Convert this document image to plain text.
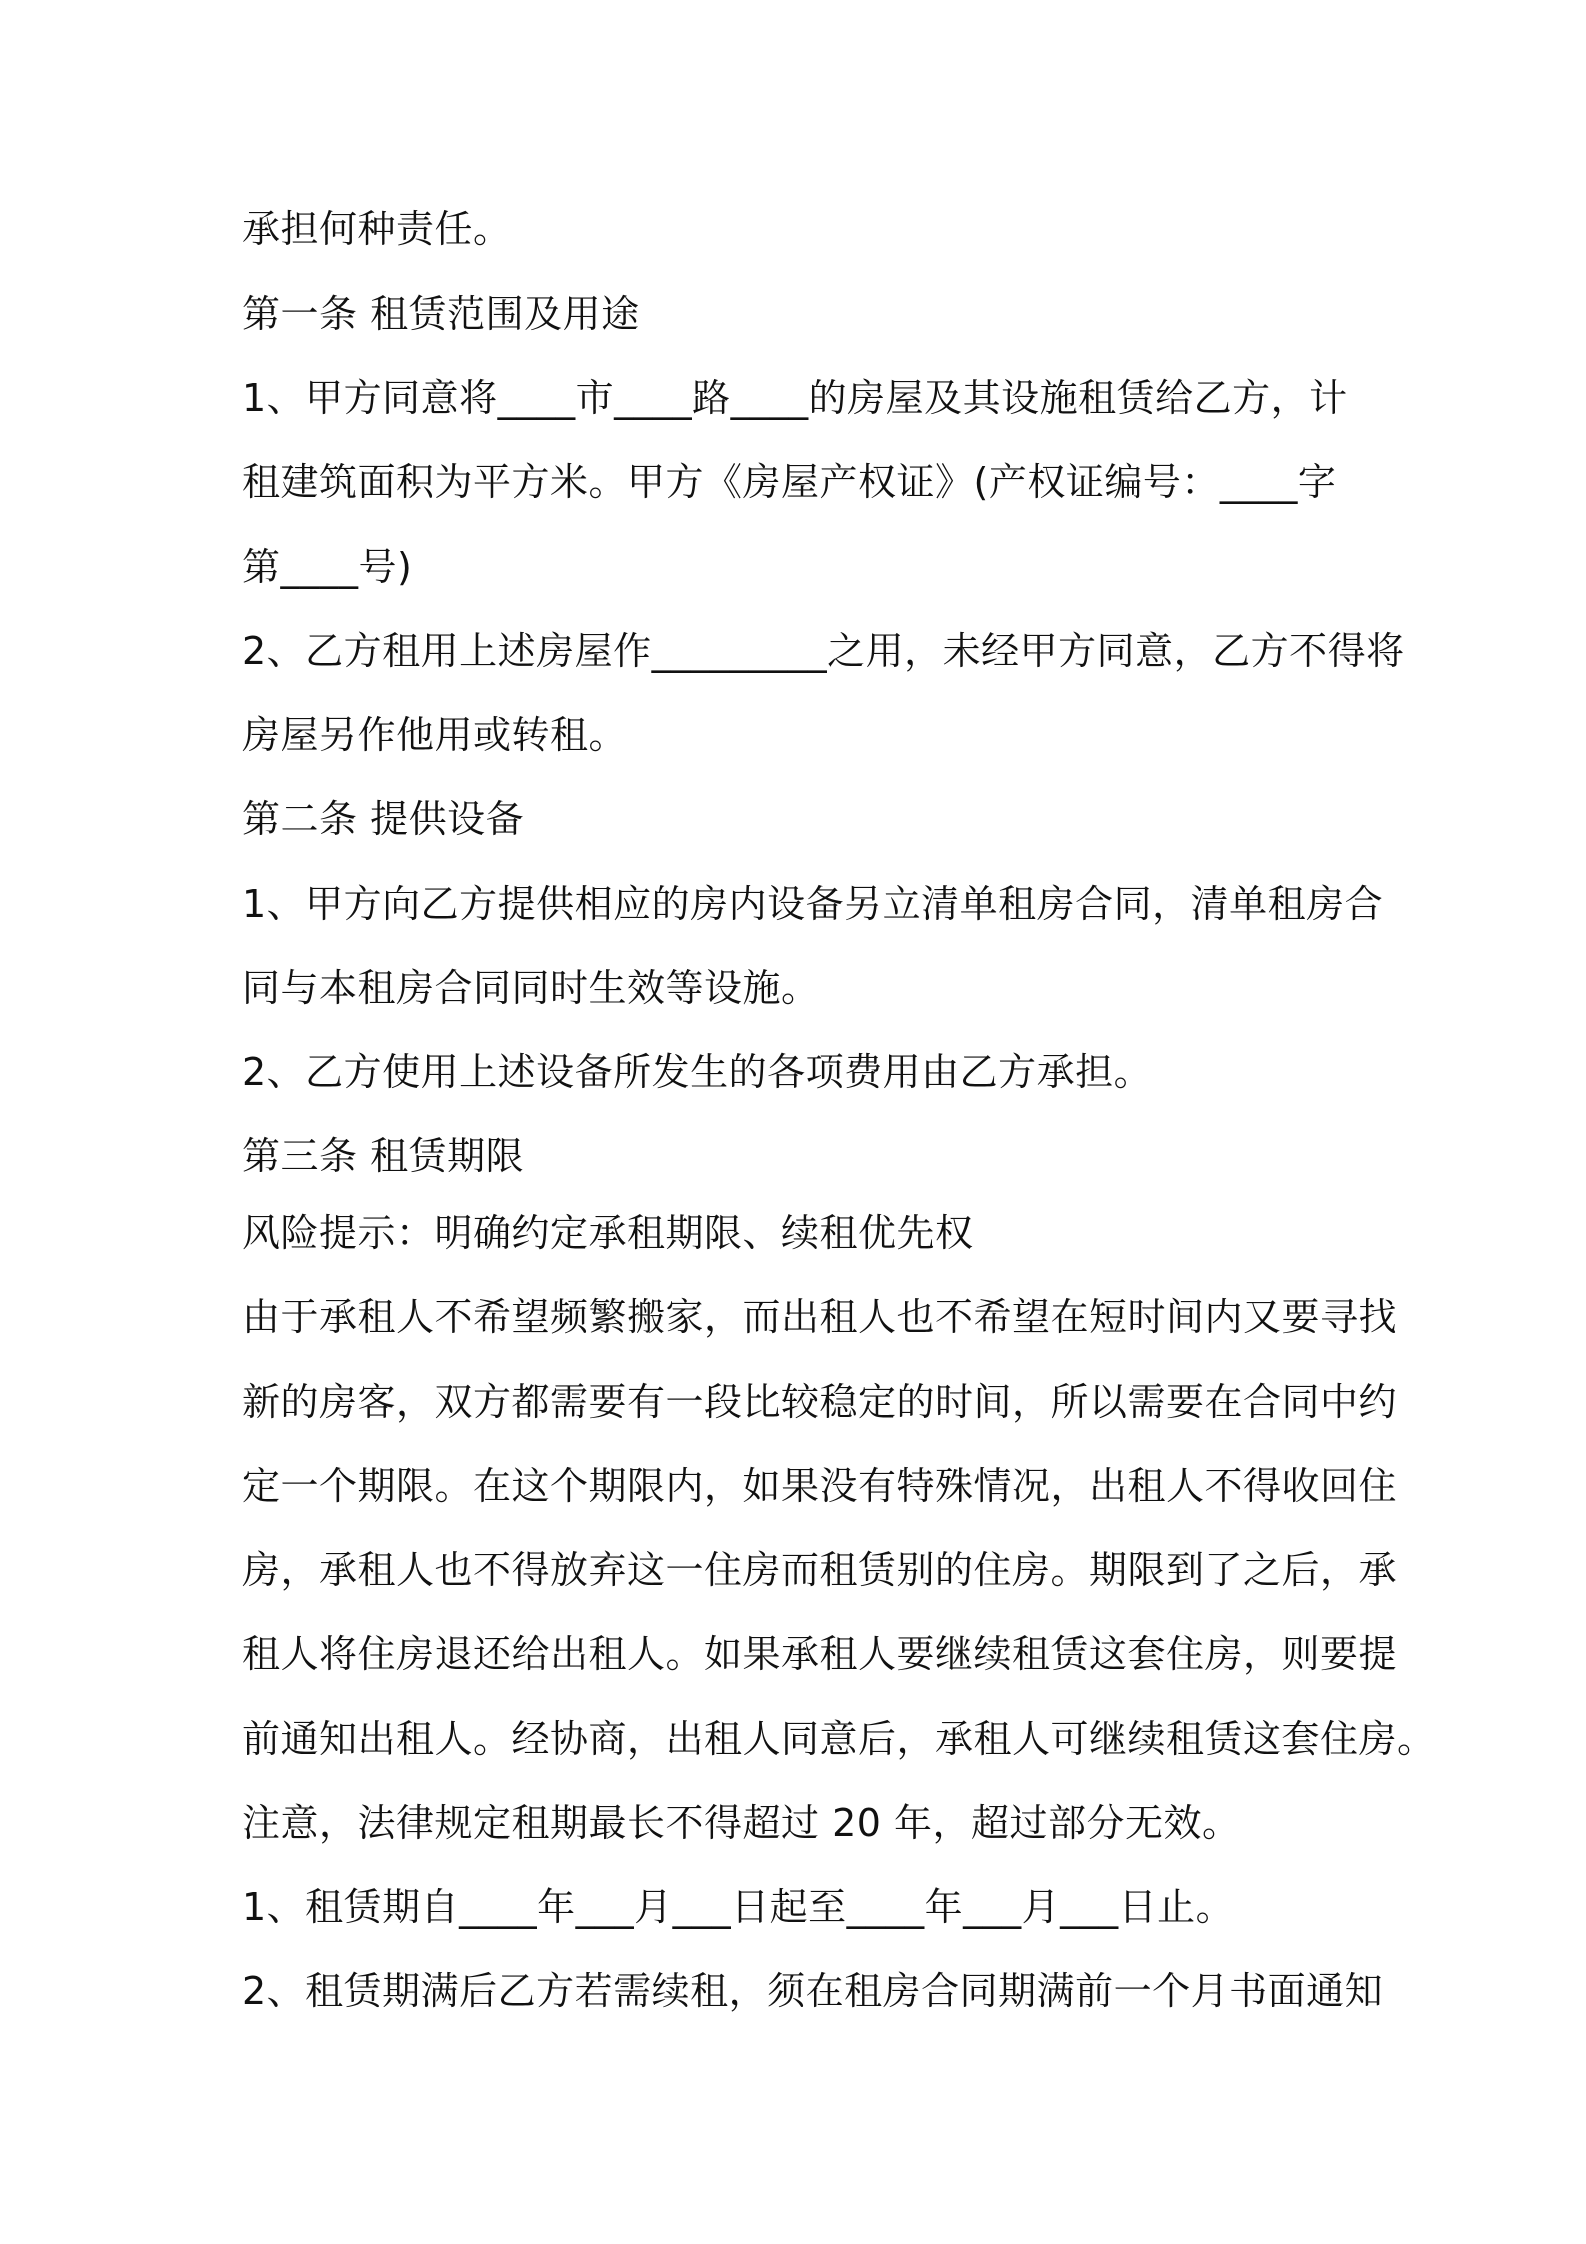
承担何种责任。
第一条 租赁范围及用途
1、甲方同意将____市____路____的房屋及其设施租赁给乙方，计
租建筑面积为平方米。甲方《房屋产权证》(产权证编号：____字
第____号)
2、乙方租用上述房屋作_________之用，未经甲方同意，乙方不得将
房屋另作他用或转租。
第二条 提供设备
1、甲方向乙方提供相应的房内设备另立清单租房合同，清单租房合
同与本租房合同同时生效等设施。
2、乙方使用上述设备所发生的各项费用由乙方承担。
第三条 租赁期限
风险提示：明确约定承租期限、续租优先权
由于承租人不希望频繁搬家，而出租人也不希望在短时间内又要寻找
新的房客，双方都需要有一段比较稳定的时间，所以需要在合同中约
定一个期限。在这个期限内，如果没有特殊情况，出租人不得收回住
房，承租人也不得放弃这一住房而租赁别的住房。期限到了之后，承
租人将住房退还给出租人。如果承租人要继续租赁这套住房，则要提
前通知出租人。经协商，出租人同意后，承租人可继续租赁这套住房。
注意，法律规定租期最长不得超过 20 年，超过部分无效。
1、租赁期自____年___月___日起至____年___月___日止。
2、租赁期满后乙方若需续租，须在租房合同期满前一个月书面通知
